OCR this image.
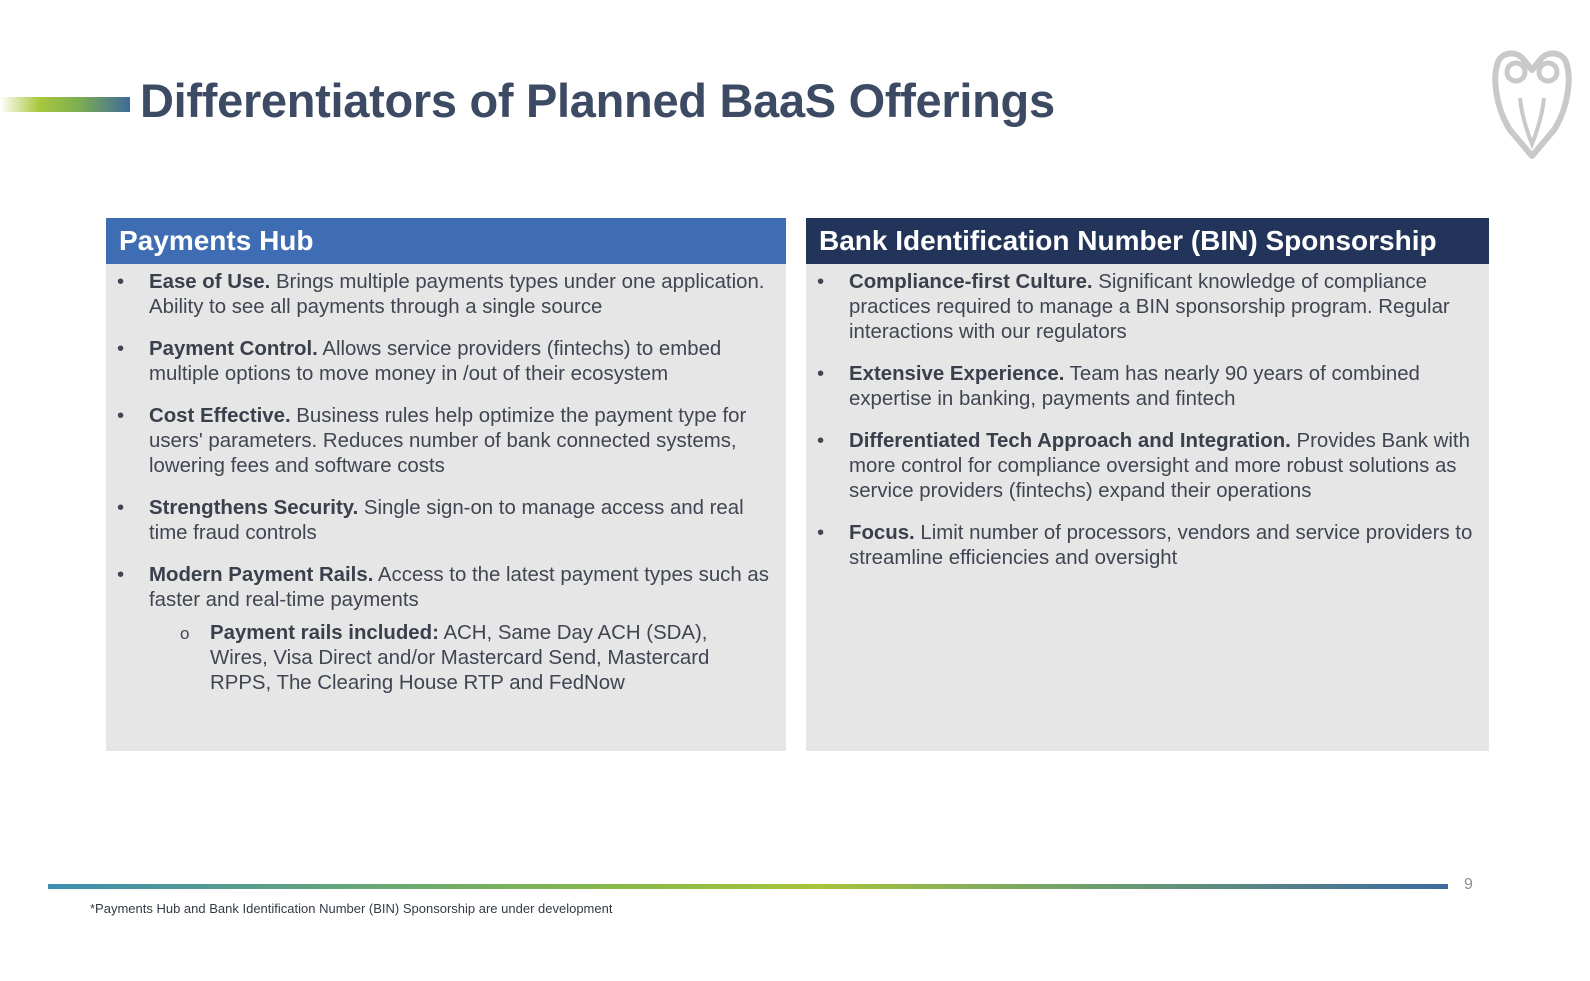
Differentiators of Planned BaaS Offerings
Payments Hub
• Ease of Use. Brings multiple payments types under one application. Ability to see all payments through a single source
• Payment Control. Allows service providers (fintechs) to embed multiple options to move money in /out of their ecosystem
• Cost Effective. Business rules help optimize the payment type for users' parameters. Reduces number of bank connected systems, lowering fees and software costs
• Strengthens Security. Single sign-on to manage access and real time fraud controls
• Modern Payment Rails. Access to the latest payment types such as faster and real-time payments
o Payment rails included: ACH, Same Day ACH (SDA), Wires, Visa Direct and/or Mastercard Send, Mastercard RPPS, The Clearing House RTP and FedNow
Bank Identification Number (BIN) Sponsorship
• Compliance-first Culture. Significant knowledge of compliance practices required to manage a BIN sponsorship program. Regular interactions with our regulators
• Extensive Experience. Team has nearly 90 years of combined expertise in banking, payments and fintech
• Differentiated Tech Approach and Integration. Provides Bank with more control for compliance oversight and more robust solutions as service providers (fintechs) expand their operations
• Focus. Limit number of processors, vendors and service providers to streamline efficiencies and oversight
9
*Payments Hub and Bank Identification Number (BIN) Sponsorship are under development
